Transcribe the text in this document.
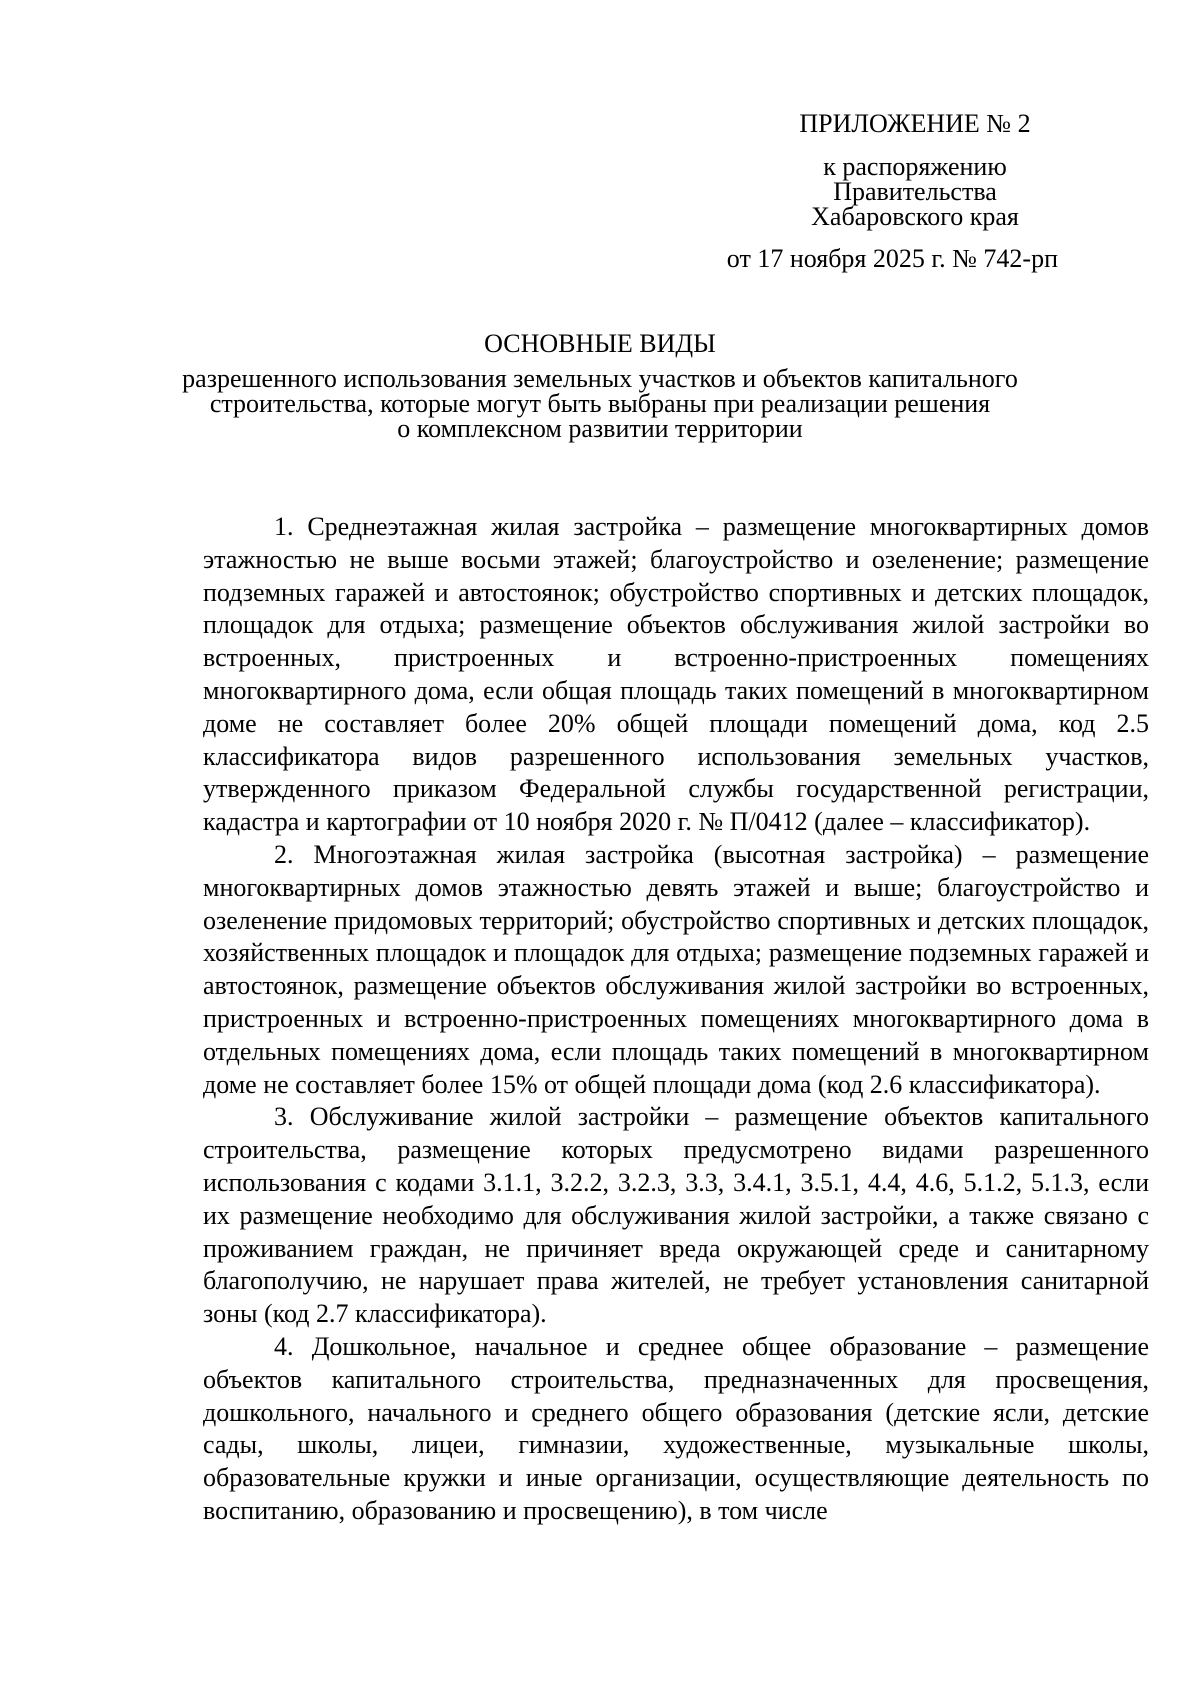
ПРИЛОЖЕНИЕ № 2
к распоряжению
Правительства
Хабаровского края
от 17 ноября 2025 г. № 742-рп
ОСНОВНЫЕ ВИДЫ
разрешенного использования земельных участков и объектов капитального
строительства, которые могут быть выбраны при реализации решения
о комплексном развитии территории

1. Среднеэтажная жилая застройка – размещение многоквартирных домов этажностью не выше восьми этажей; благоустройство и озеленение; размещение подземных гаражей и автостоянок; обустройство спортивных и детских площадок, площадок для отдыха; размещение объектов обслуживания жилой застройки во встроенных, пристроенных и встроенно-пристроенных помещениях многоквартирного дома, если общая площадь таких помещений в многоквартирном доме не составляет более 20% общей площади помещений дома, код 2.5 классификатора видов разрешенного использования земельных участков, утвержденного приказом Федеральной службы государственной регистрации, кадастра и картографии от 10 ноября 2020 г. № П/0412 (далее – классификатор).

2. Многоэтажная жилая застройка (высотная застройка) – размещение многоквартирных домов этажностью девять этажей и выше; благоустройство и озеленение придомовых территорий; обустройство спортивных и детских площадок, хозяйственных площадок и площадок для отдыха; размещение подземных гаражей и автостоянок, размещение объектов обслуживания жилой застройки во встроенных, пристроенных и встроенно-пристроенных помещениях многоквартирного дома в отдельных помещениях дома, если площадь таких помещений в многоквартирном доме не составляет более 15% от общей площади дома (код 2.6 классификатора).

3. Обслуживание жилой застройки – размещение объектов капитального строительства, размещение которых предусмотрено видами разрешенного использования с кодами 3.1.1, 3.2.2, 3.2.3, 3.3, 3.4.1, 3.5.1, 4.4, 4.6, 5.1.2, 5.1.3, если их размещение необходимо для обслуживания жилой застройки, а также связано с проживанием граждан, не причиняет вреда окружающей среде и санитарному благополучию, не нарушает права жителей, не требует установления санитарной зоны (код 2.7 классификатора).

4. Дошкольное, начальное и среднее общее образование – размещение объектов капитального строительства, предназначенных для просвещения, дошкольного, начального и среднего общего образования (детские ясли, детские сады, школы, лицеи, гимназии, художественные, музыкальные школы, образовательные кружки и иные организации, осуществляющие деятельность по воспитанию, образованию и просвещению), в том числе
